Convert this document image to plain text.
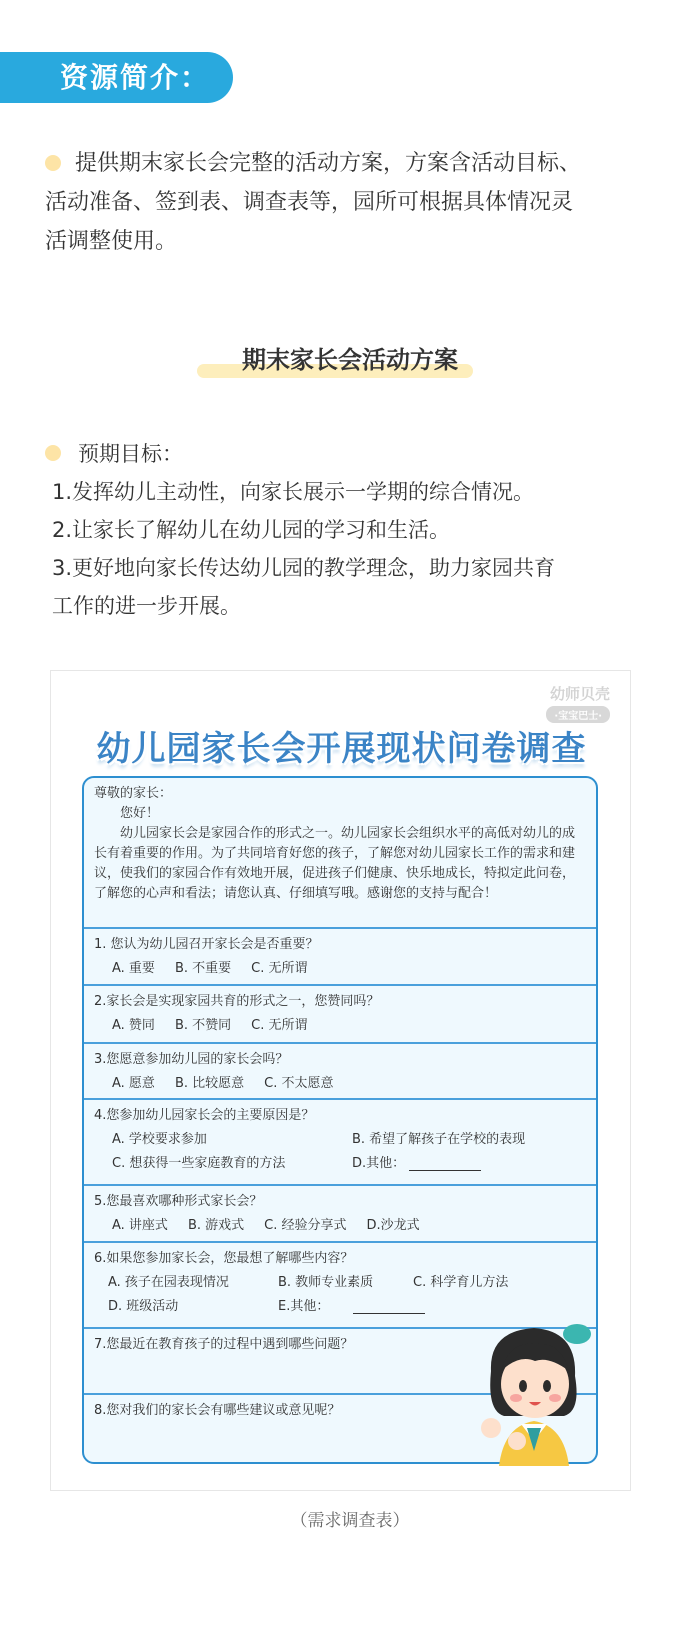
资源简介：
提供期末家长会完整的活动方案，方案含活动目标、
活动准备、签到表、调查表等，园所可根据具体情况灵
活调整使用。
期末家长会活动方案
预期目标：
1.发挥幼儿主动性，向家长展示一学期的综合情况。
2.让家长了解幼儿在幼儿园的学习和生活。
3.更好地向家长传达幼儿园的教学理念，助力家园共育
工作的进一步开展。
幼师贝壳
·宝宝巴士·
幼儿园家长会开展现状问卷调查
尊敬的家长：
您好！
幼儿园家长会是家园合作的形式之一。幼儿园家长会组织水平的高低对幼儿的成长有着重要的作用。为了共同培育好您的孩子，了解您对幼儿园家长工作的需求和建议，使我们的家园合作有效地开展，促进孩子们健康、快乐地成长，特拟定此问卷，了解您的心声和看法；请您认真、仔细填写哦。感谢您的支持与配合！
1. 您认为幼儿园召开家长会是否重要？
A. 重要 B. 不重要 C. 无所谓
2.家长会是实现家园共育的形式之一，您赞同吗？
A. 赞同 B. 不赞同 C. 无所谓
3.您愿意参加幼儿园的家长会吗？
A. 愿意 B. 比较愿意 C. 不太愿意
4.您参加幼儿园家长会的主要原因是？
A. 学校要求参加	B. 希望了解孩子在学校的表现
C. 想获得一些家庭教育的方法	D.其他：
5.您最喜欢哪种形式家长会？
A. 讲座式 B. 游戏式 C. 经验分享式 D.沙龙式
6.如果您参加家长会，您最想了解哪些内容？
A. 孩子在园表现情况	B. 教师专业素质	C. 科学育儿方法
D. 班级活动	E.其他：
7.您最近在教育孩子的过程中遇到哪些问题？
8.您对我们的家长会有哪些建议或意见呢？
（需求调查表）
